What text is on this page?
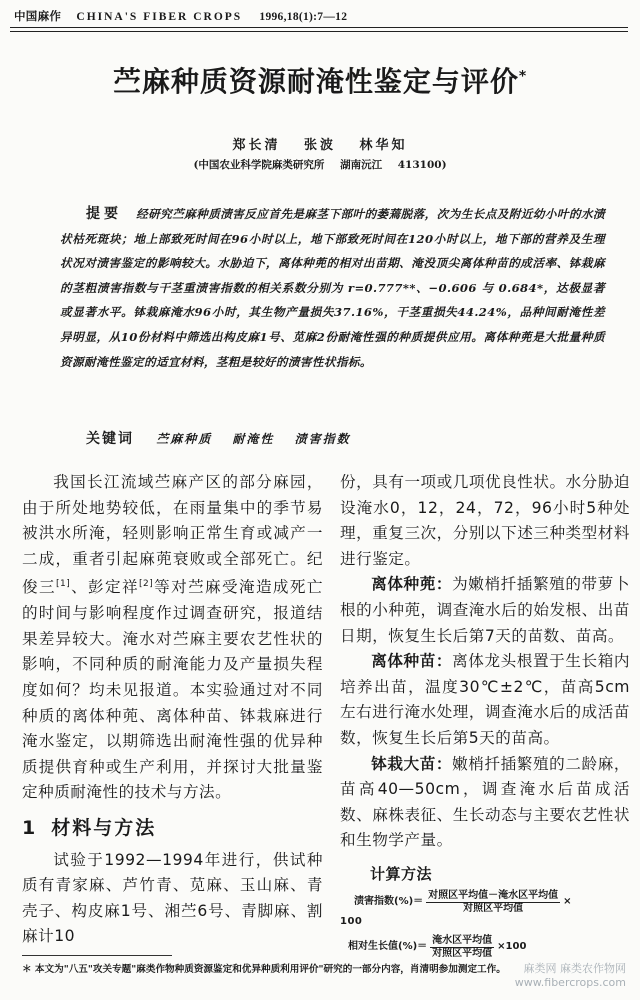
中国麻作 CHINA'S FIBER CROPS 1996,18(1):7—12
苎麻种质资源耐淹性鉴定与评价*
郑长清 张波 林华知
(中国农业科学院麻类研究所 湖南沅江 413100)
提要 经研究苎麻种质渍害反应首先是麻茎下部叶的萎蔫脱落，次为生长点及附近幼小叶的水渍状枯死斑块；地上部致死时间在96小时以上，地下部致死时间在120小时以上，地下部的营养及生理状况对渍害鉴定的影响较大。水胁迫下，离体种蔸的相对出苗期、淹没顶尖离体种苗的成活率、钵栽麻的茎粗渍害指数与干茎重渍害指数的相关系数分别为 r=0.777**、−0.606 与 0.684*，达极显著或显著水平。钵栽麻淹水96小时，其生物产量损失37.16%，干茎重损失44.24%，品种间耐淹性差异明显，从10份材料中筛选出构皮麻1号、苋麻2份耐淹性强的种质提供应用。离体种蔸是大批量种质资源耐淹性鉴定的适宜材料，茎粗是较好的渍害性状指标。
关键词 苎麻种质 耐淹性 渍害指数

我国长江流域苎麻产区的部分麻园，由于所处地势较低，在雨量集中的季节易被洪水所淹，轻则影响正常生育或减产一二成，重者引起麻蔸衰败或全部死亡。纪俊三[1]、彭定祥[2]等对苎麻受淹造成死亡的时间与影响程度作过调查研究，报道结果差异较大。淹水对苎麻主要农艺性状的影响，不同种质的耐淹能力及产量损失程度如何？均未见报道。本实验通过对不同种质的离体种蔸、离体种苗、钵栽麻进行淹水鉴定，以期筛选出耐淹性强的优异种质提供育种或生产利用，并探讨大批量鉴定种质耐淹性的技术与方法。

1 材料与方法

试验于1992—1994年进行，供试种质有青家麻、芦竹青、苋麻、玉山麻、青壳子、构皮麻1号、湘苎6号、青脚麻、割麻计10

份，具有一项或几项优良性状。水分胁迫设淹水0，12，24，72，96小时5种处理，重复三次，分别以下述三种类型材料进行鉴定。

离体种蔸：为嫩梢扦插繁殖的带萝卜根的小种蔸，调查淹水后的始发根、出苗日期，恢复生长后第7天的苗数、苗高。

离体种苗：离体龙头根置于生长箱内培养出苗，温度30℃±2℃，苗高5cm左右进行淹水处理，调查淹水后的成活苗数，恢复生长后第5天的苗高。

钵栽大苗：嫩梢扦插繁殖的二龄麻，苗高40—50cm，调查淹水后苗成活数、麻株表征、生长动态与主要农艺性状和生物学产量。

计算方法
渍害指数(%)＝ $\frac{\text{对照区平均值－淹水区平均值}}{\text{对照区平均值}}$ ×
100
相对生长值(%)＝ $\frac{\text{淹水区平均值}}{\text{对照区平均值}} \times 100$
＊ 本文为"八五"攻关专题"麻类作物种质资源鉴定和优异种质利用评价"研究的一部分内容，肖清明参加测定工作。	麻类网 麻类农作物网
www.fibercrops.com
